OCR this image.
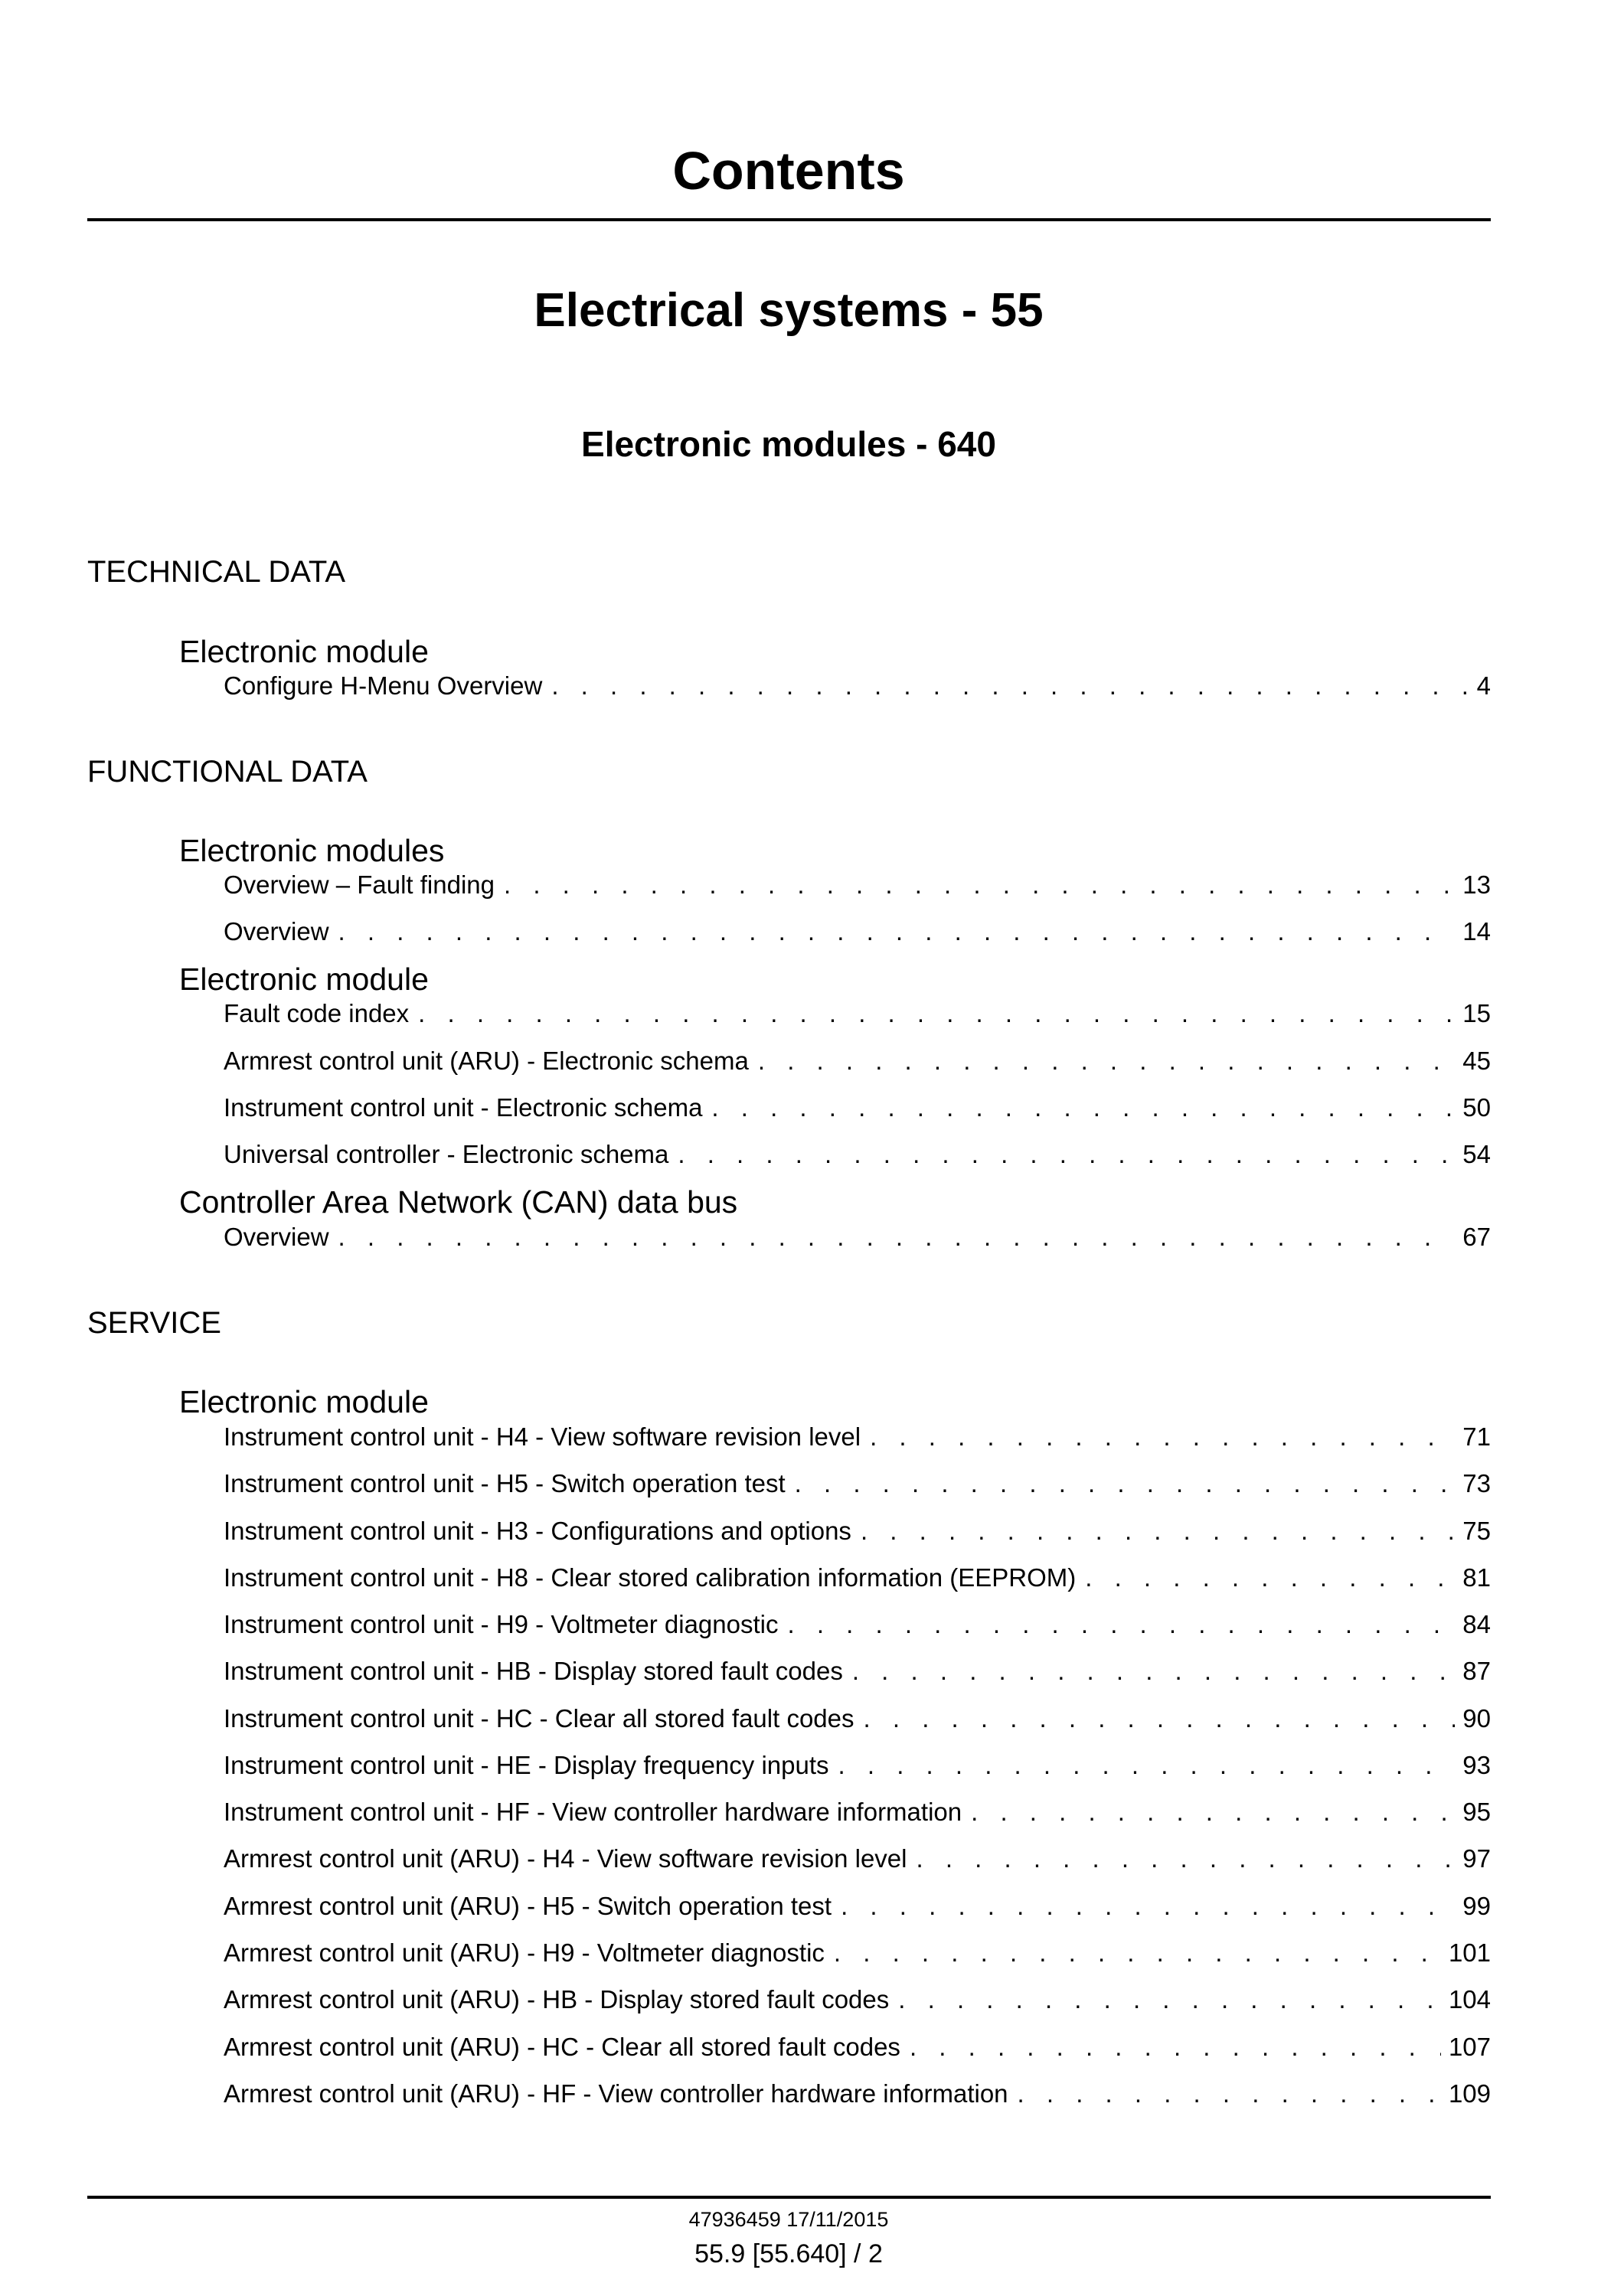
Contents
Electrical systems - 55
Electronic modules - 640
TECHNICAL DATA
Electronic module
Configure H-Menu Overview . . .	4
FUNCTIONAL DATA
Electronic modules
Overview – Fault finding . . .	13
Overview . . .	14
Electronic module
Fault code index . . .	15
Armrest control unit (ARU) - Electronic schema . . .	45
Instrument control unit - Electronic schema . . .	50
Universal controller - Electronic schema . . .	54
Controller Area Network (CAN) data bus
Overview . . .	67
SERVICE
Electronic module
Instrument control unit - H4 - View software revision level . . .	71
Instrument control unit - H5 - Switch operation test . . .	73
Instrument control unit - H3 - Configurations and options . . .	75
Instrument control unit - H8 - Clear stored calibration information (EEPROM) . . .	81
Instrument control unit - H9 - Voltmeter diagnostic . . .	84
Instrument control unit - HB - Display stored fault codes . . .	87
Instrument control unit - HC - Clear all stored fault codes . . .	90
Instrument control unit - HE - Display frequency inputs . . .	93
Instrument control unit - HF - View controller hardware information . . .	95
Armrest control unit (ARU) - H4 - View software revision level . . .	97
Armrest control unit (ARU) - H5 - Switch operation test . . .	99
Armrest control unit (ARU) - H9 - Voltmeter diagnostic . . .	101
Armrest control unit (ARU) - HB - Display stored fault codes . . .	104
Armrest control unit (ARU) - HC - Clear all stored fault codes . . .	107
Armrest control unit (ARU) - HF - View controller hardware information . . .	109
47936459 17/11/2015
55.9 [55.640] / 2
